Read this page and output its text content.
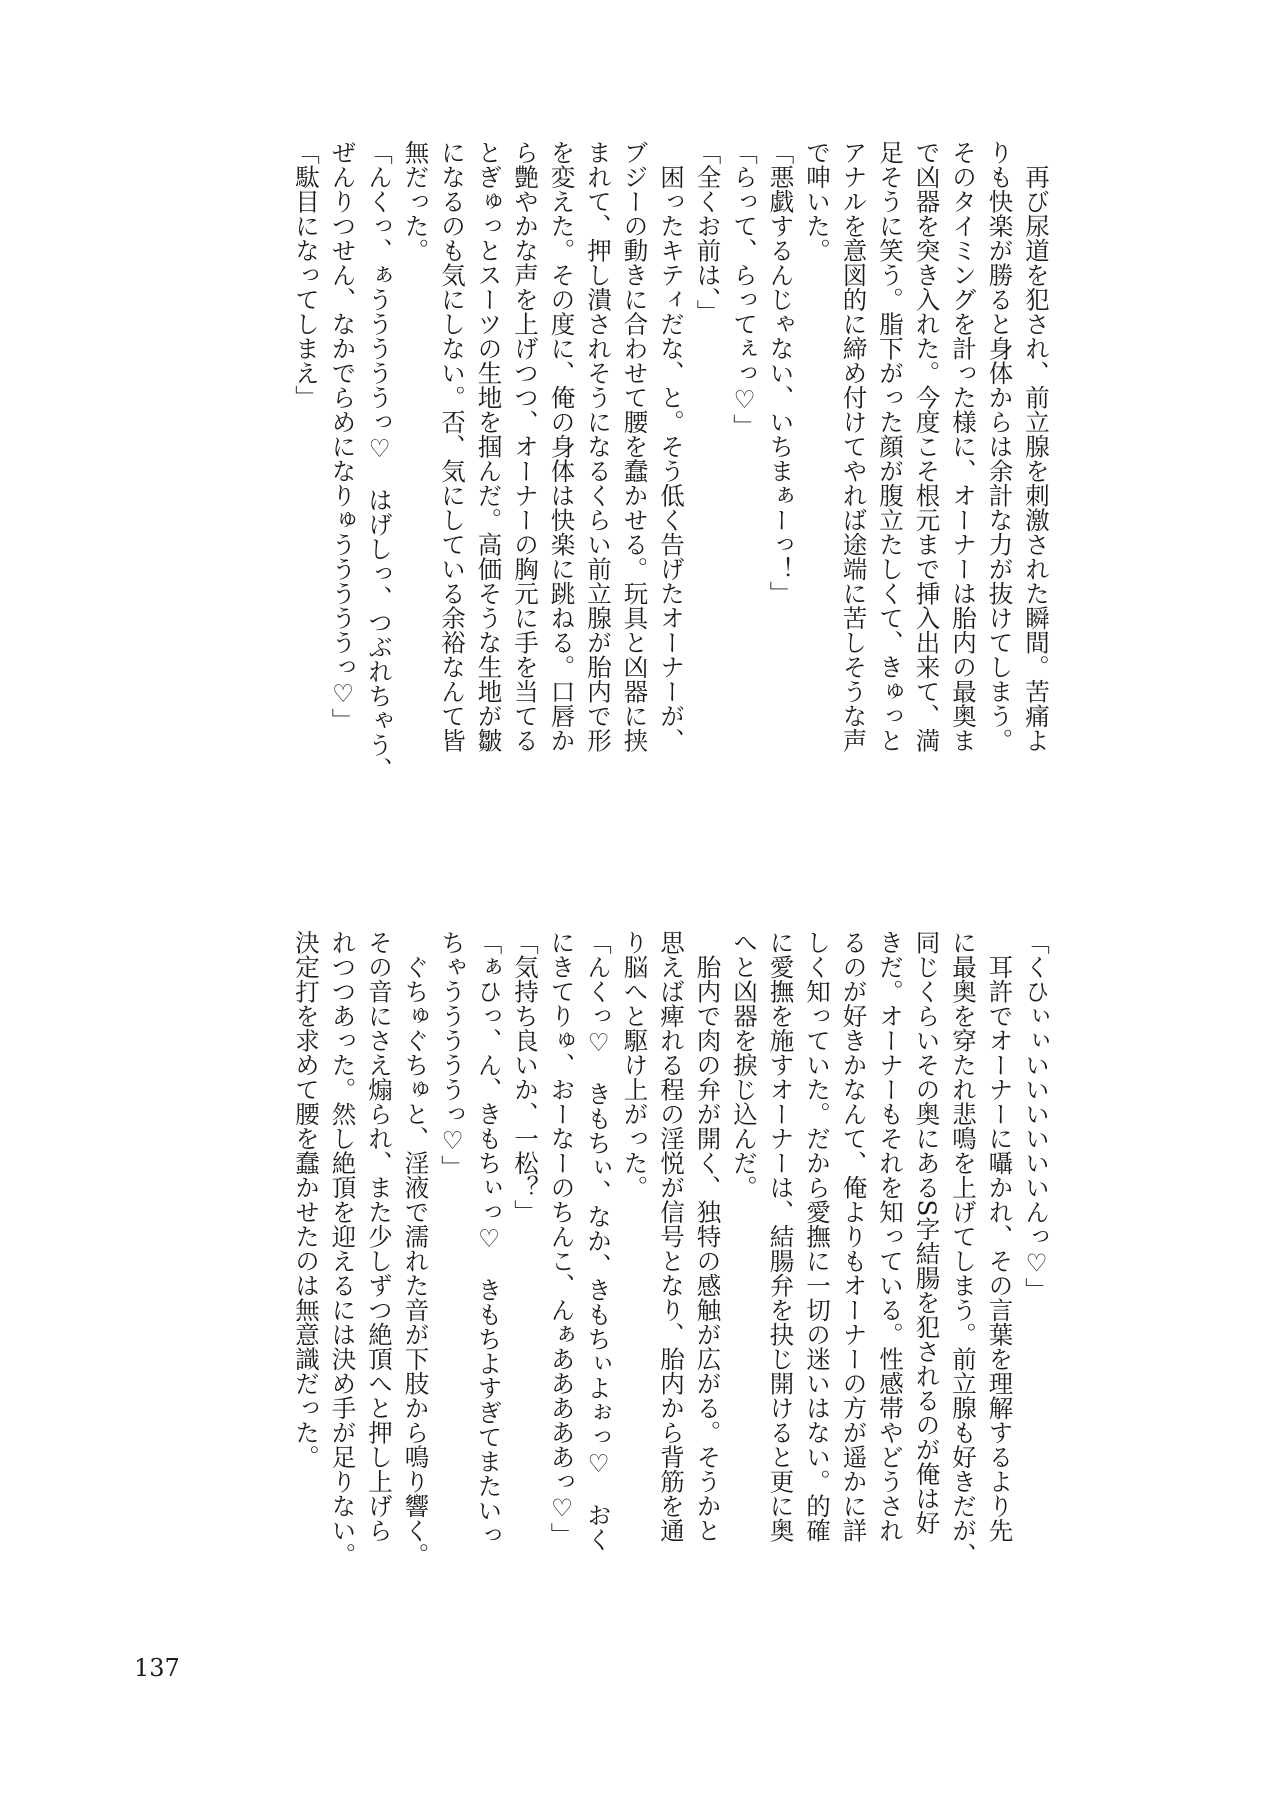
　再び尿道を犯され、前立腺を刺激された瞬間。苦痛よ
りも快楽が勝ると身体からは余計な力が抜けてしまう。
そのタイミングを計った様に、オーナーは胎内の最奥ま
で凶器を突き入れた。今度こそ根元まで挿入出来て、満
足そうに笑う。脂下がった顔が腹立たしくて、きゅっと
アナルを意図的に締め付けてやれば途端に苦しそうな声
で呻いた。
「悪戯するんじゃない、いちまぁーっ！」
「らって、らってぇっ♡」
「全くお前は、」
　困ったキティだな、と。そう低く告げたオーナーが、
ブジーの動きに合わせて腰を蠢かせる。玩具と凶器に挟
まれて、押し潰されそうになるくらい前立腺が胎内で形
を変えた。その度に、俺の身体は快楽に跳ねる。口唇か
ら艶やかな声を上げつつ、オーナーの胸元に手を当てる
とぎゅっとスーツの生地を掴んだ。高価そうな生地が皺
になるのも気にしない。否、気にしている余裕なんて皆
無だった。
「んくっ、ぁうううううっ♡　はげしっ、つぶれちゃう、
ぜんりつせん、なかでらめになりゅうううううっ♡」
「駄目になってしまえ」
「くひぃぃいいいいいいんっ♡」
　耳許でオーナーに囁かれ、その言葉を理解するより先
に最奥を穿たれ悲鳴を上げてしまう。前立腺も好きだが、
同じくらいその奥にあるS字結腸を犯されるのが俺は好
きだ。オーナーもそれを知っている。性感帯やどうされ
るのが好きかなんて、俺よりもオーナーの方が遥かに詳
しく知っていた。だから愛撫に一切の迷いはない。的確
に愛撫を施すオーナーは、結腸弁を抉じ開けると更に奥
へと凶器を捩じ込んだ。
　胎内で肉の弁が開く、独特の感触が広がる。そうかと
思えば痺れる程の淫悦が信号となり、胎内から背筋を通
り脳へと駆け上がった。
「んくっ♡　きもちぃ、なか、きもちぃよぉっ♡　おく
にきてりゅ、おーなーのちんこ、んぁあああああっ♡」
「気持ち良いか、一松？」
「ぁひっ、ん、きもちぃっ♡　きもちよすぎてまたいっ
ちゃうううううっ♡」
　ぐちゅぐちゅと、淫液で濡れた音が下肢から鳴り響く。
その音にさえ煽られ、また少しずつ絶頂へと押し上げら
れつつあった。然し絶頂を迎えるには決め手が足りない。
決定打を求めて腰を蠢かせたのは無意識だった。
137
